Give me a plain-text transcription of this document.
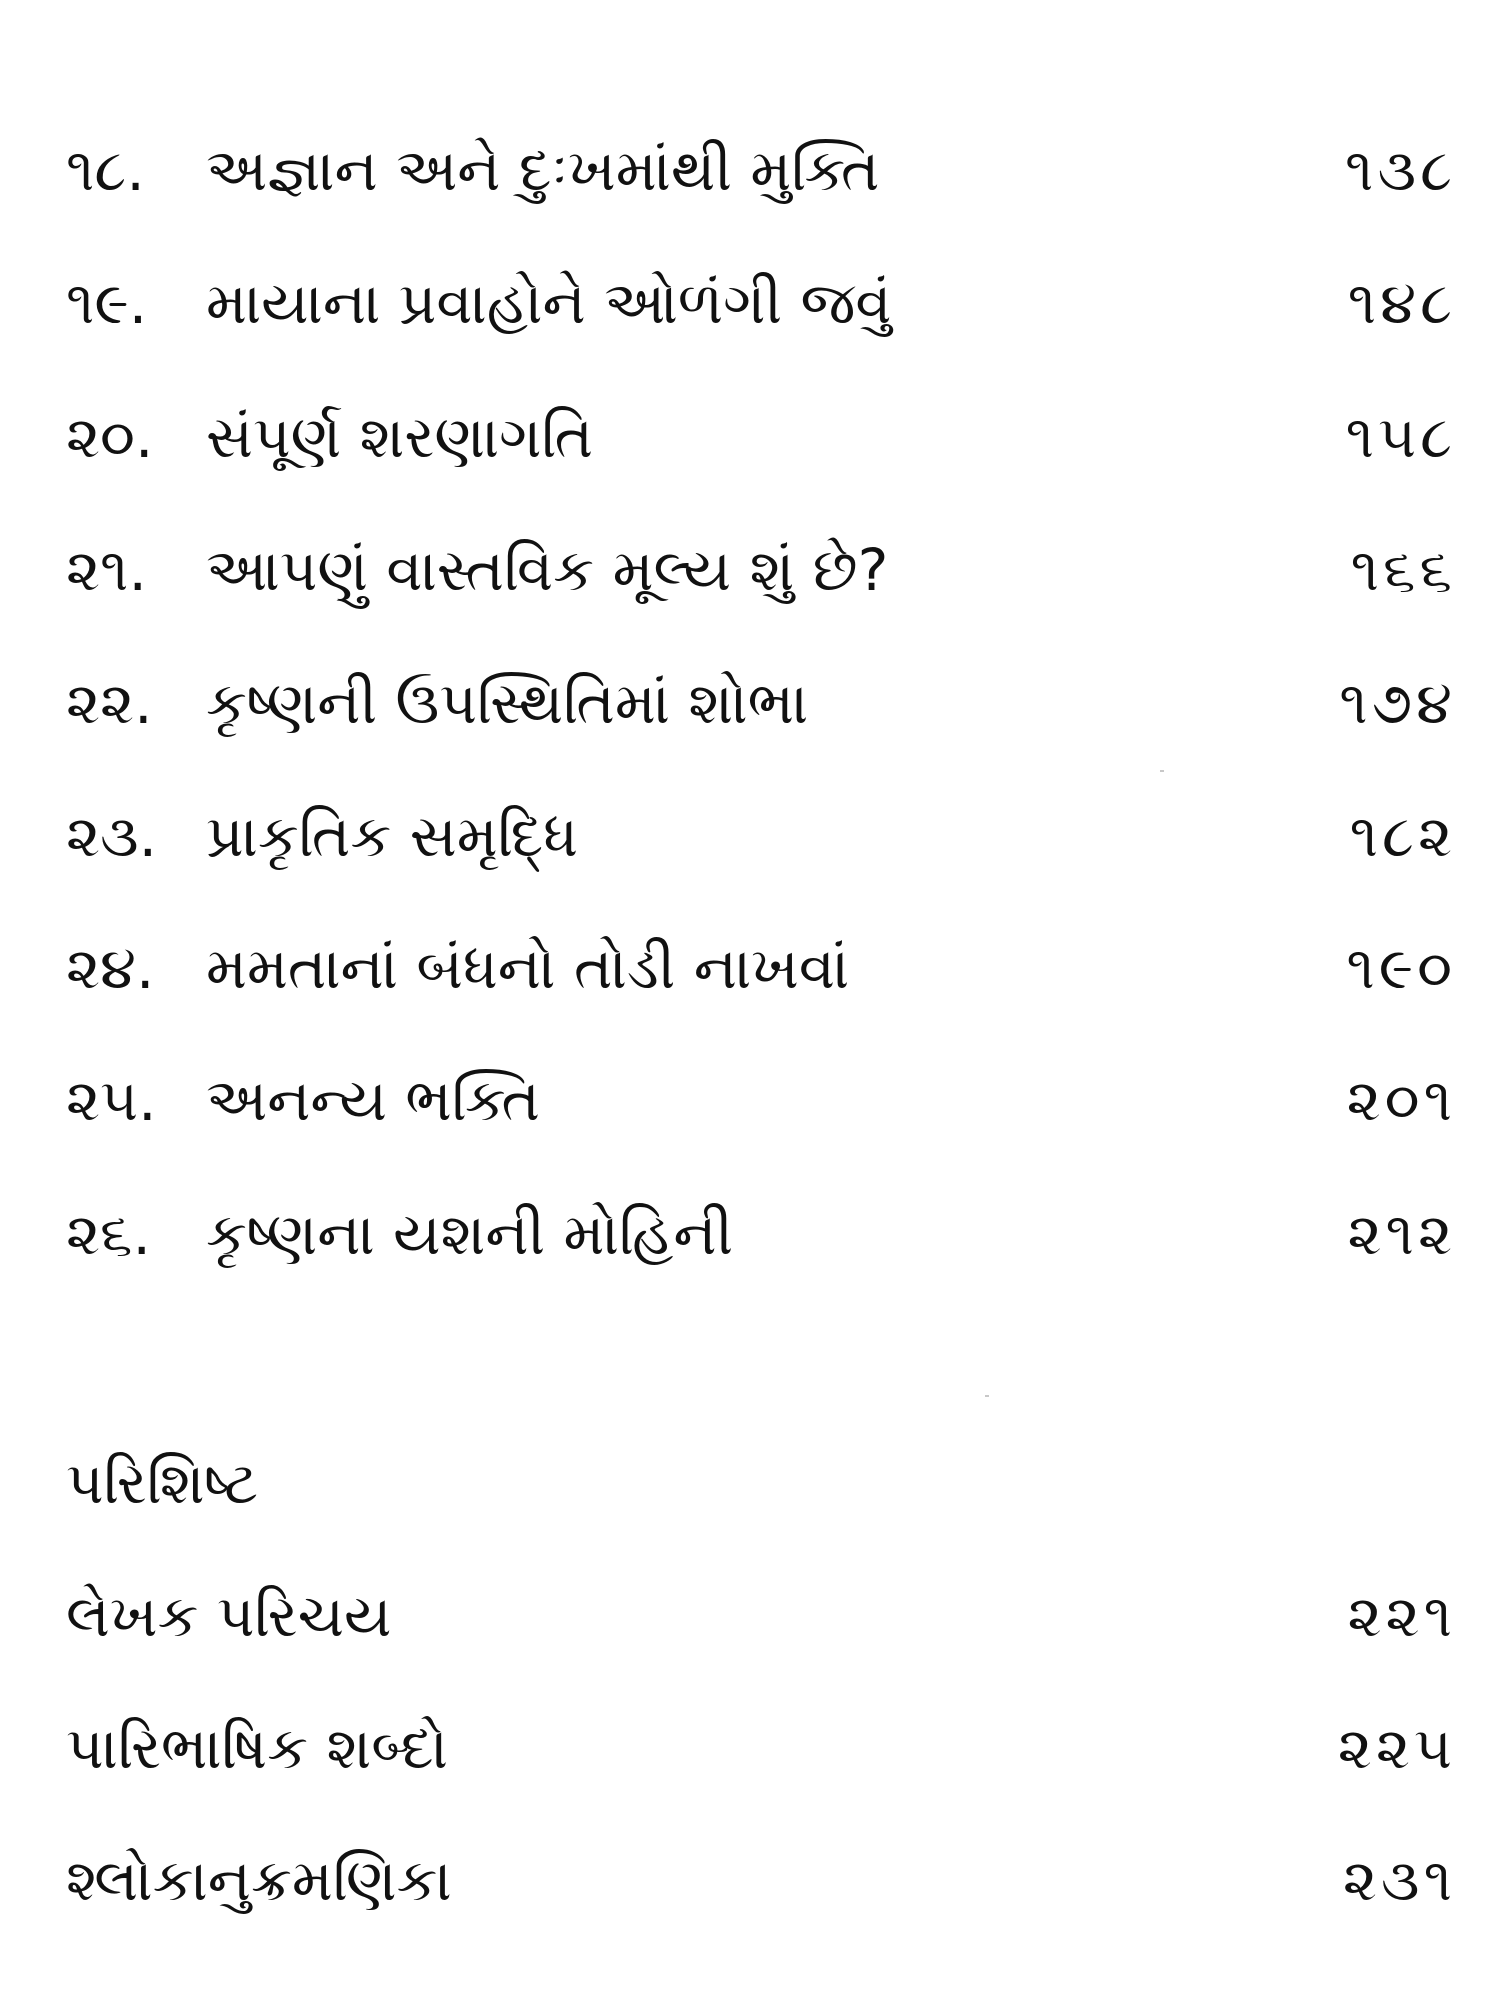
૧૮.	અજ્ઞાન અને દુઃખમાંથી મુક્તિ	૧૩૮
૧૯.	માયાના પ્રવાહોને ઓળંગી જવું	૧૪૮
૨૦. સંપૂર્ણ શરણાગતિ	૧૫૮
૨૧.	આપણું વાસ્તવિક મૂલ્ય શું છે?	૧૬૬
૨૨. કૃષ્ણની ઉપસ્થિતિમાં શોભા	૧૭૪
૨૩. પ્રાકૃતિક સમૃદ્ધિ	૧૮૨
૨૪. મમતાનાં બંધનો તોડી નાખવાં	૧૯૦
૨૫. અનન્ય ભક્તિ	૨૦૧
૨૬. કૃષ્ણના યશની મોહિની	૨૧૨
પરિશિષ્ટ
લેખક પરિચય	૨૨૧
પારિભાષિક શબ્દો	૨૨૫
શ્લોકાનુક્રમણિકા	૨૩૧
